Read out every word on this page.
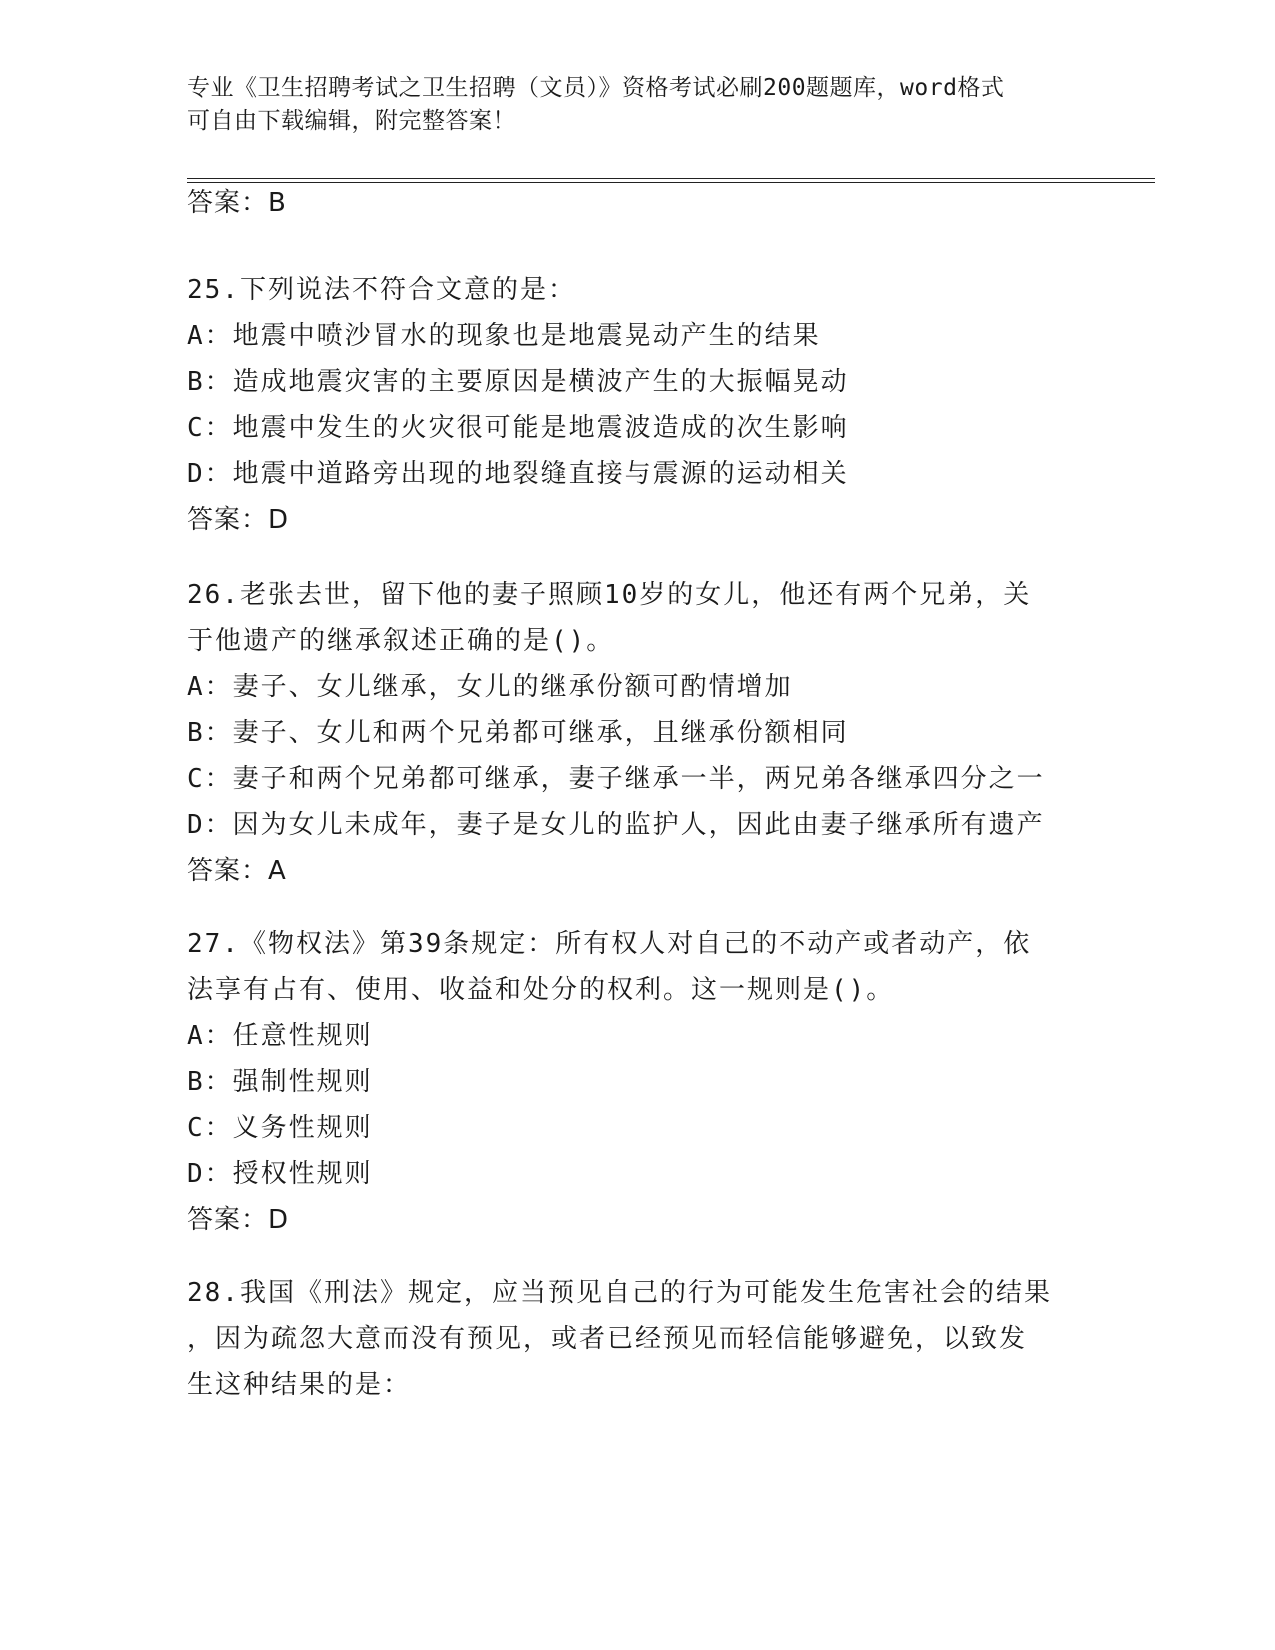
专业《卫生招聘考试之卫生招聘（文员）》资格考试必刷200题题库，word格式
可自由下载编辑，附完整答案！
答案：B
25.下列说法不符合文意的是：
A：地震中喷沙冒水的现象也是地震晃动产生的结果
B：造成地震灾害的主要原因是横波产生的大振幅晃动
C：地震中发生的火灾很可能是地震波造成的次生影响
D：地震中道路旁出现的地裂缝直接与震源的运动相关
答案：D
26.老张去世，留下他的妻子照顾10岁的女儿，他还有两个兄弟，关
于他遗产的继承叙述正确的是()。
A：妻子、女儿继承，女儿的继承份额可酌情增加
B：妻子、女儿和两个兄弟都可继承，且继承份额相同
C：妻子和两个兄弟都可继承，妻子继承一半，两兄弟各继承四分之一
D：因为女儿未成年，妻子是女儿的监护人，因此由妻子继承所有遗产
答案：A
27.《物权法》第39条规定：所有权人对自己的不动产或者动产，依
法享有占有、使用、收益和处分的权利。这一规则是()。
A：任意性规则
B：强制性规则
C：义务性规则
D：授权性规则
答案：D
28.我国《刑法》规定，应当预见自己的行为可能发生危害社会的结果
，因为疏忽大意而没有预见，或者已经预见而轻信能够避免，以致发
生这种结果的是：
